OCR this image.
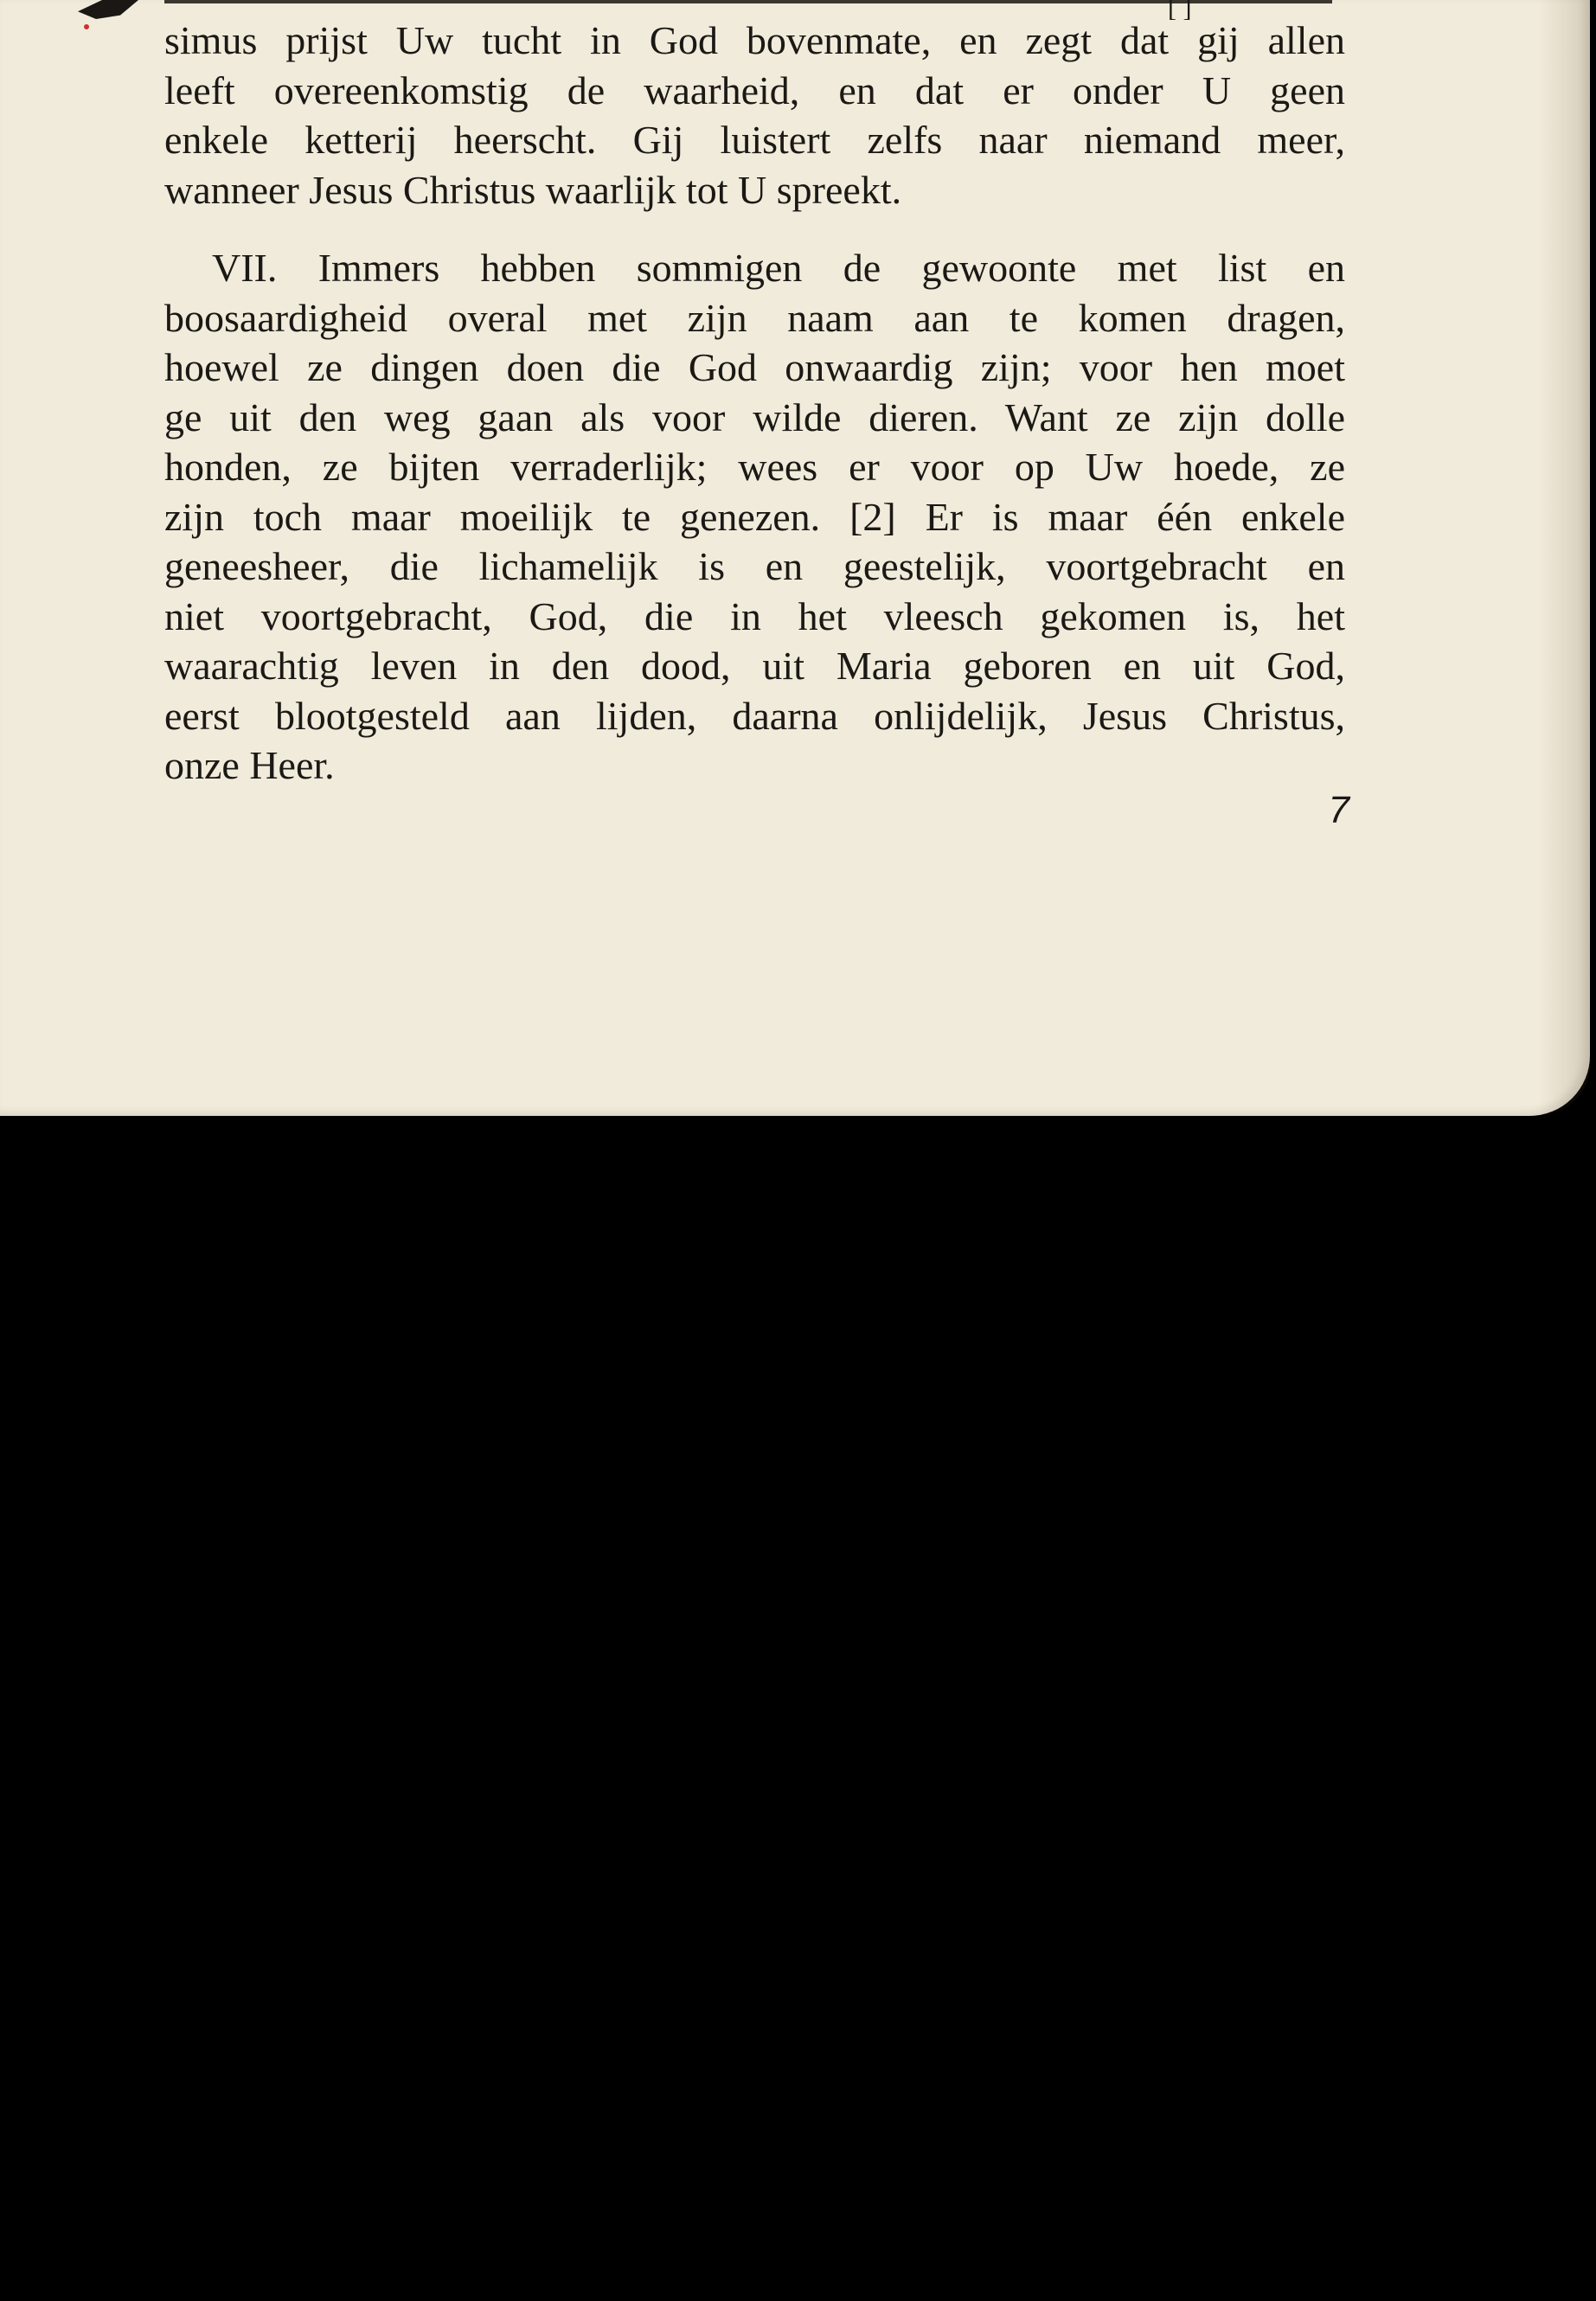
[ ]

simus prijst Uw tucht in God bovenmate, en zegt dat gij allen
leeft overeenkomstig de waarheid, en dat er onder U geen
enkele ketterij heerscht. Gij luistert zelfs naar niemand meer,
wanneer Jesus Christus waarlijk tot U spreekt.

VII. Immers hebben sommigen de gewoonte met list en
boosaardigheid overal met zijn naam aan te komen dragen,
hoewel ze dingen doen die God onwaardig zijn; voor hen moet
ge uit den weg gaan als voor wilde dieren. Want ze zijn dolle
honden, ze bijten verraderlijk; wees er voor op Uw hoede, ze
zijn toch maar moeilijk te genezen. [2] Er is maar één enkele
geneesheer, die lichamelijk is en geestelijk, voortgebracht en
niet voortgebracht, God, die in het vleesch gekomen is, het
waarachtig leven in den dood, uit Maria geboren en uit God,
eerst blootgesteld aan lijden, daarna onlijdelijk, Jesus Christus,
onze Heer.

7
